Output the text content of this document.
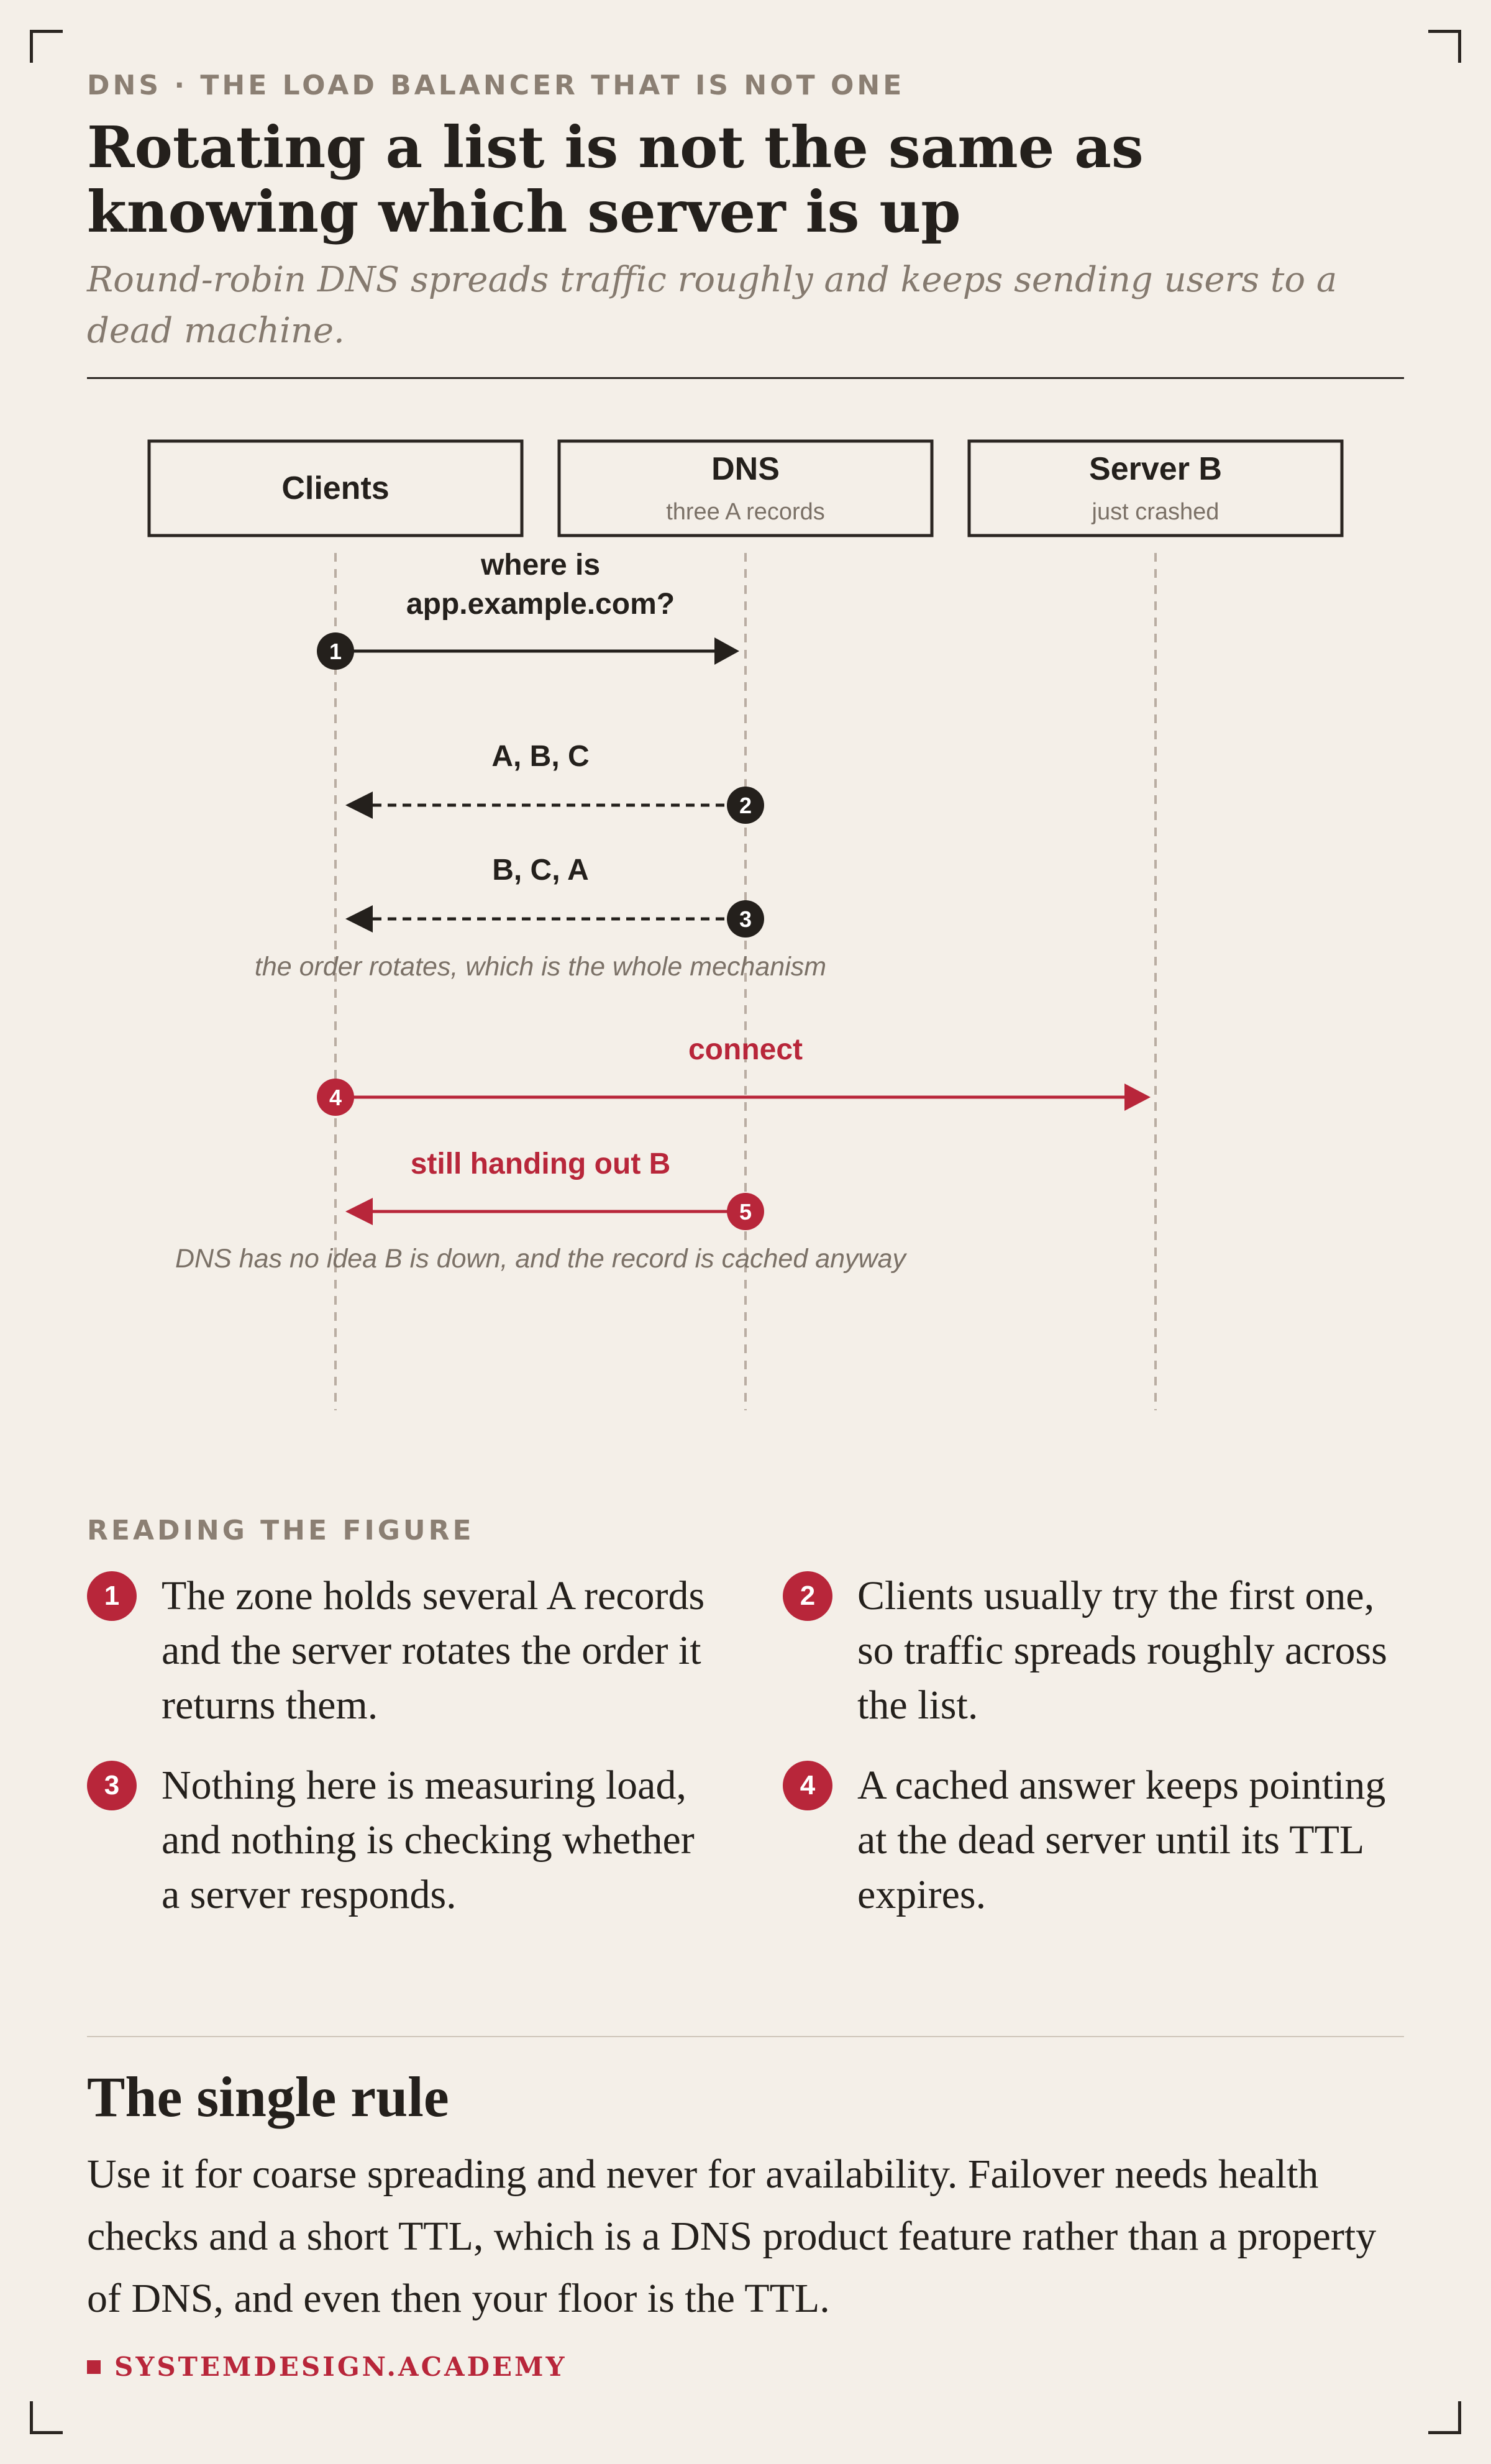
DNS · THE LOAD BALANCER THAT IS NOT ONE
Rotating a list is not the same as knowing which server is up
Round-robin DNS spreads traffic roughly and keeps sending users to a dead machine.
Clients
DNS
three A records
Server B
just crashed
where is
app.example.com?
1
A, B, C
2
B, C, A
3
the order rotates, which is the whole mechanism
connect
4
still handing out B
5
DNS has no idea B is down, and the record is cached anyway
READING THE FIGURE
1	The zone holds several A records and the server rotates the order it returns them.
2	Clients usually try the first one, so traffic spreads roughly across the list.
3	Nothing here is measuring load, and nothing is checking whether a server responds.
4	A cached answer keeps pointing at the dead server until its TTL expires.
The single rule
Use it for coarse spreading and never for availability. Failover needs health checks and a short TTL, which is a DNS product feature rather than a property of DNS, and even then your floor is the TTL.
SYSTEMDESIGN.ACADEMY
